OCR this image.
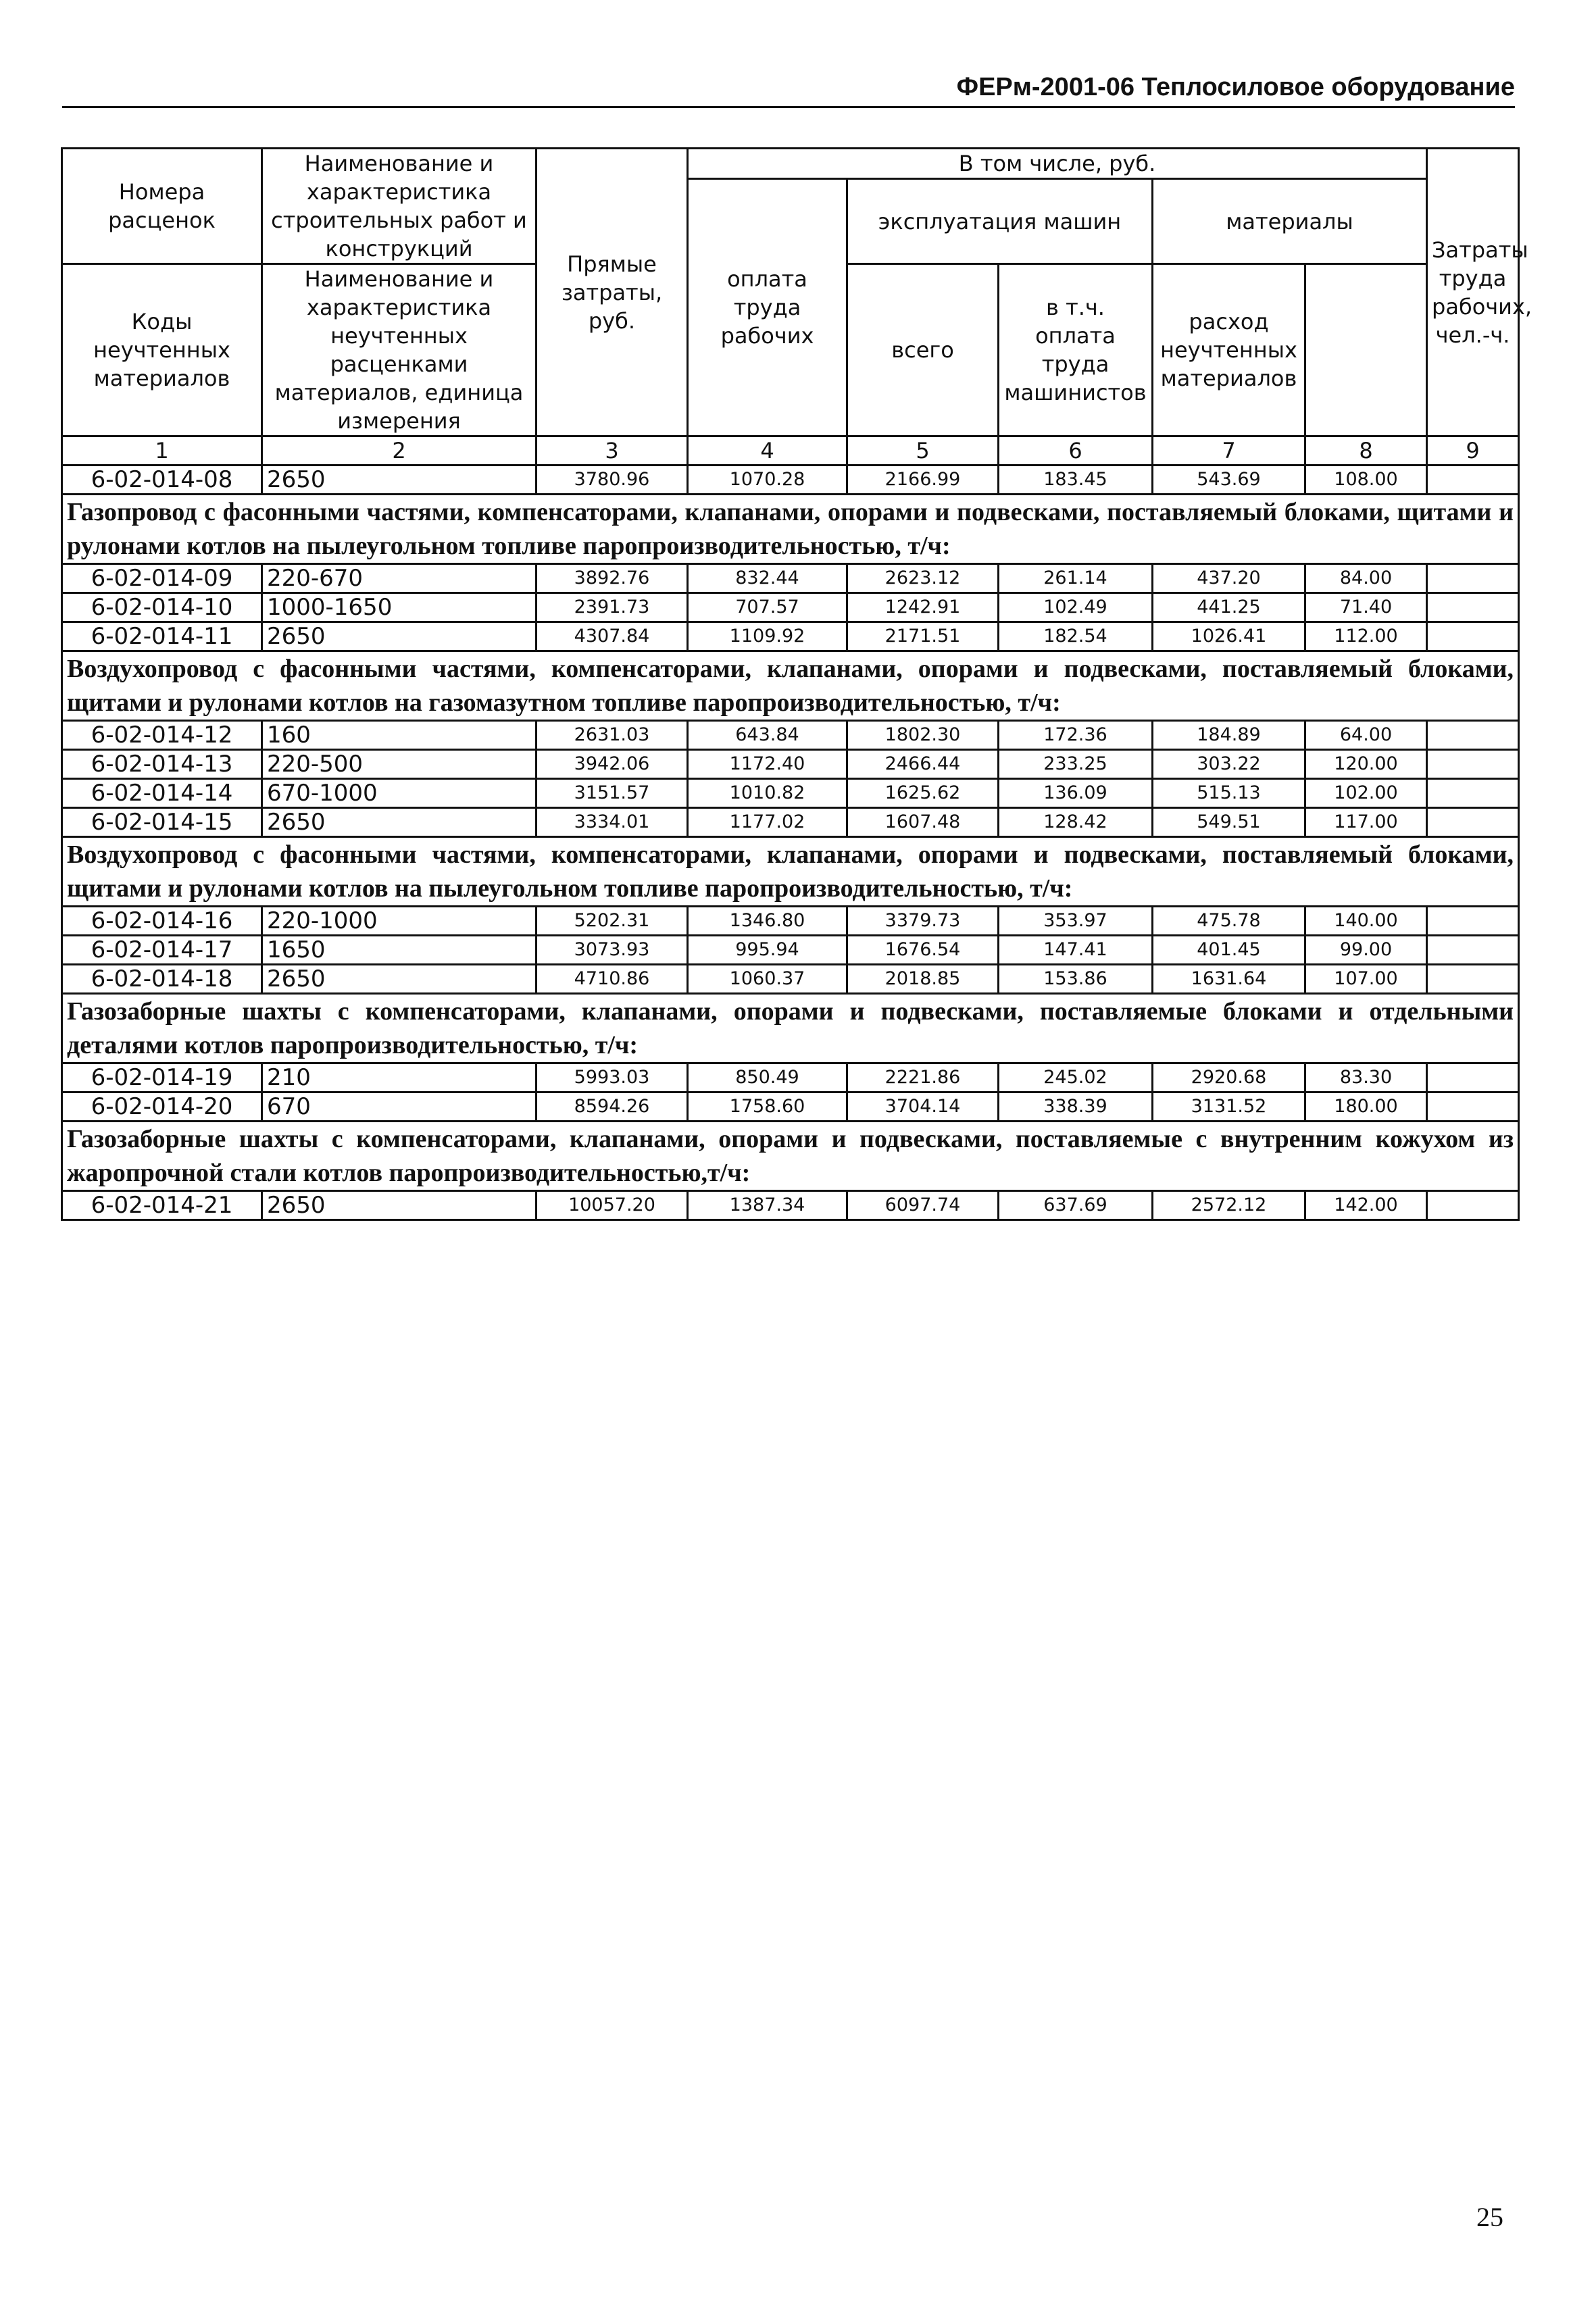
ФЕРм-2001-06 Теплосиловое оборудование
Номера расценок	Наименование и характеристика строительных работ и конструкций	Прямые затраты, руб.	В том числе, руб.					Затраты труда рабочих, чел.-ч.	
			оплата труда рабочих	эксплуатация машин		материалы			
Коды неучтенных материалов	Наименование и характеристика неучтенных расценками материалов, единица измерения			всего	в т.ч. оплата труда машинистов	расход неучтенных материалов			

1	2	3	4	5	6	7	8	9	
6-02-014-08	2650	3780.96	1070.28	2166.99	183.45	543.69	108.00		
Газопровод с фасонными частями, компенсаторами, клапанами, опорами и подвесками, поставляемый блоками, щитами и рулонами котлов на пылеугольном топливе паропроизводительностью, т/ч:									
6-02-014-09	220-670	3892.76	832.44	2623.12	261.14	437.20	84.00		
6-02-014-10	1000-1650	2391.73	707.57	1242.91	102.49	441.25	71.40		
6-02-014-11	2650	4307.84	1109.92	2171.51	182.54	1026.41	112.00		
Воздухопровод с фасонными частями, компенсаторами, клапанами, опорами и подвесками, поставляемый блоками, щитами и рулонами котлов на газомазутном топливе паропроизводительностью, т/ч:									
6-02-014-12	160	2631.03	643.84	1802.30	172.36	184.89	64.00		
6-02-014-13	220-500	3942.06	1172.40	2466.44	233.25	303.22	120.00		
6-02-014-14	670-1000	3151.57	1010.82	1625.62	136.09	515.13	102.00		
6-02-014-15	2650	3334.01	1177.02	1607.48	128.42	549.51	117.00		
Воздухопровод с фасонными частями, компенсаторами, клапанами, опорами и подвесками, поставляемый блоками, щитами и рулонами котлов на пылеугольном топливе паропроизводительностью, т/ч:									
6-02-014-16	220-1000	5202.31	1346.80	3379.73	353.97	475.78	140.00		
6-02-014-17	1650	3073.93	995.94	1676.54	147.41	401.45	99.00		
6-02-014-18	2650	4710.86	1060.37	2018.85	153.86	1631.64	107.00		
Газозаборные шахты с компенсаторами, клапанами, опорами и подвесками, поставляемые блоками и отдельными деталями котлов паропроизводительностью, т/ч:									
6-02-014-19	210	5993.03	850.49	2221.86	245.02	2920.68	83.30		
6-02-014-20	670	8594.26	1758.60	3704.14	338.39	3131.52	180.00		
Газозаборные шахты с компенсаторами, клапанами, опорами и подвесками, поставляемые с внутренним кожухом из жаропрочной стали котлов паропроизводительностью,т/ч:									
6-02-014-21	2650	10057.20	1387.34	6097.74	637.69	2572.12	142.00		
25
